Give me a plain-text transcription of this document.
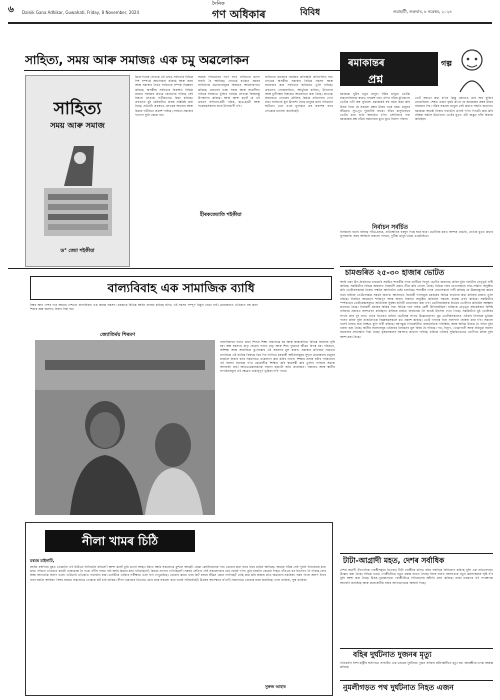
৬ Dainik Gana Adhikar, Guwahati, Friday, 8 November, 2024
দৈনিক
গণ অধিকাৰ	বিবিধ	গুৱাহাটী, শুক্ৰবাৰ, ৮ নৱেম্বৰ, ২০২৪
সাহিত্য, সময় আৰু সমাজঃ এক চমু অৱলোকন
সাহিত্য
সময় আৰু সমাজ
ড° জ্যো শইকীয়া
কিতাপখনৰ লেখকে এই গ্ৰন্থত সাহিত্যৰ বিভিন্ন দিশ সম্পৰ্কে আলোচনা কৰিছে আৰু সময় আৰু সমাজৰ সৈতে সাহিত্যৰ সম্পৰ্ক বিশ্লেষণ কৰিছে। অসমীয়া সাহিত্যৰ বিকাশত বিভিন্ন সময়ত সমাজৰ প্ৰভাৱ কেনেদৰে পৰিছে সেই বিষয়ে লেখকে গভীৰভাৱে চিন্তা কৰিছে। গ্ৰন্থখনত মুঠ কেইবাটাও প্ৰবন্ধ সন্নিৱিষ্ট কৰা হৈছে। প্ৰতিটো প্ৰবন্ধতে লেখকৰ অধ্যয়ন আৰু চিন্তাৰ গভীৰতা প্ৰকাশ পাইছে। সাহিত্য সমাজৰ দাপোণ বুলি কোৱা হয়।
সময়ৰ পৰিৱৰ্তনৰ লগে লগে সাহিত্যৰ ৰূপো সলনি হৈ আহিছে। লেখকে বৰ্তমান সময়ৰ সাহিত্যিক প্ৰৱণতাসমূহৰ বিষয়েও আলোকপাত কৰিছে। গ্ৰন্থখনৰ ভাষা সহজ আৰু সাৱলীল। পাঠকে সহজতে বুজিব পৰাকৈ লেখকে বিষয়বস্তু উপস্থাপন কৰিছে। আমি আশা কৰোঁ যে এই গ্ৰন্থখন সাহিত্যপ্ৰেমী পাঠক, ছাত্ৰ-ছাত্ৰী আৰু গৱেষকসকলৰ বাবে উপযোগী হ'ব।
হীৰকজ্যোতি শইকীয়া
সাহিত্যৰ মাজেৰে সমাজৰ প্ৰতিচ্ছবি প্ৰতিফলিত হয়। লেখকে অসমীয়া সমাজৰ বিভিন্ন সমস্যা আৰু সমাধানৰ কথা সাহিত্যৰ জৰিয়তে তুলি ধৰিছে। গ্ৰন্থখনত লোকসাহিত্য, আধুনিক কবিতা, উপন্যাস আৰু চুটিগল্পৰ বিষয়েও আলোচনা কৰা হৈছে। প্ৰত্যেক অধ্যায়তে লেখকৰ মৌলিক চিন্তাৰ প্ৰতিফলন দেখা যায়। সাহিত্যৰ মূল উদ্দেশ্য হৈছে মানুহৰ মনৰ পৰিৱৰ্তন ঘটোৱা। এনে এখন মূল্যৱান গ্ৰন্থ প্ৰকাশৰ বাবে লেখকক ধন্যবাদ জনাইছোঁ।
ৰমাকান্তৰ
প্ৰশ্ন
গল্প
ৰমাকান্ত খুউব চতুৰ মানুহ। গাঁৱৰ মানুহে তেওঁক সকলোবিলাক কথাত পৰামৰ্শ লয়। এদিন গাঁৱৰ মুখিয়ালে তেওঁক এটা প্ৰশ্ন সুধিলে। ৰমাকান্তই বহু সময় চিন্তা কৰি উত্তৰ দিলে যে সকলো প্ৰশ্নৰ উত্তৰ একে নহয়। মানুহৰ জীৱনত সুখ-দুখ দুয়োটাই থাকে। গাঁৱৰ মানুহবোৰে তেওঁৰ কথা শুনি আচৰিত হ'ল। সেইদিনাৰ পৰা ৰমাকান্তৰ প্ৰশ্ন গাঁৱৰ সকলোৰে মুখে মুখে বিয়পি পৰিল।
তেওঁ বহুতো কথা ক'লে কিন্তু কোনেও তাৰ অৰ্থ বুজিব নোৱাৰিলে। শেষত এজন বৃদ্ধই ক'লে যে ৰমাকান্তৰ প্ৰশ্নৰ উত্তৰ সময়েহে দিব। গাঁৱৰ সকলো মানুহে সেই কথাত সন্মতি জনালে। ৰমাকান্ত আকৌ নিজৰ পথাৰলৈ ওলাই গ'ল। দিনটো কাম কৰি সন্ধিয়া ঘৰলৈ উভতিল। তেওঁৰ মুখত এটা অদ্ভুত হাঁহি বিৰাজ কৰিছিল।
নিৰ্বাচন সৰ্বৰ্চিত
নিৰ্বাচনৰ বতাহ বলিছে গাঁৱে-চহৰে, প্ৰতিশ্ৰুতিৰ বৰষুণ দিছে ঘৰে ঘৰে। ভোটাৰৰ মনত আশাৰ ৰেঙনি, নেতাৰ মুখত কথাৰ ফুলজাৰি। সময় আহিলে সকলো পাহৰে, দুখীয়া মানুহ থাকে একেঠাইতে।
বাল্যবিবাহ এক সামাজিক ব্যাধি
বিশ্বৰ আন দেশৰ দৰে আমাৰ দেশতো বাল্যবিবাহ এক জ্বলন্ত সমস্যা। চৰকাৰে বিভিন্ন আইন প্ৰণয়ন কৰিছে যদিও এই সমস্যা সম্পূৰ্ণ নিৰ্মূল হোৱা নাই। গ্ৰামাঞ্চলত এতিয়াও বহু কন্যা শিশুৰ অল্প বয়সতে বিবাহ দিয়া হয়।
জ্যোতিৰ্ময় শিৰমণ
বাল্যবিবাহৰ ফলত কন্যা শিশুৰ শিক্ষা বাধাপ্ৰাপ্ত হয় আৰু স্বাস্থ্যজনিত বিভিন্ন সমস্যাৰ সৃষ্টি হয়। অল্প বয়সতে মাতৃ হোৱাৰ ফলত মাতৃ আৰু শিশু দুয়োৰে জীৱন বিপন্ন হয়। দৰিদ্ৰতা, অশিক্ষা আৰু সামাজিক কু-সংস্কাৰ এই সমস্যাৰ মূল কাৰণ। সমাজৰ প্ৰতিজন সচেতন নাগৰিকে এই ব্যাধিৰ বিৰুদ্ধে থিয় দিব লাগিব। চৰকাৰী আঁচনিসমূহৰ সুফল গ্ৰামাঞ্চলৰ মানুহৰ মাজলৈ নিয়াৰ বাবে সকলোৱে একেলগে কাম কৰিব লাগে। শিক্ষাৰ প্ৰসাৰ ঘটাব পাৰিলেহে এই সমস্যা সমাধান হ'ব। ছোৱালীক শিক্ষিত কৰি স্বাৱলম্বী কৰি তুলিব পাৰিলে সমাজ আগবাঢ়ি যাব। অভিভাৱকসকলক সজাগ কৰাটো অতি প্ৰয়োজন। পঞ্চায়ত আৰু স্থানীয় সংগঠনসমূহে এই ক্ষেত্ৰত গুৰুত্বপূৰ্ণ ভূমিকা ল'ব পাৰে।
চামগুৰিত ২৫-৩০ হাজাৰ ভোটত
আহি থকা উপ-নিৰ্বাচনত চামগুৰি সমষ্টিত শাসকীয় দলৰ প্ৰাৰ্থীয়ে বিপুল ভোটত জয়লাভ কৰিব বুলি দলটোৰ নেতৃত্বই দাবী কৰিছে। সমষ্টিটোৰ বিভিন্ন অঞ্চলত নিৰ্বাচনী প্ৰচাৰ তীব্ৰ কৰি তোলা হৈছে। বিভিন্ন দলৰ নেতাসকলে সভা-সমিতি অনুষ্ঠিত কৰি ভোটাৰসকলক নিজৰ পক্ষলৈ আনিবলৈ চেষ্টা চলাইছে। শাসকীয় দলৰ নেতাসকলে দাবী কৰিছে যে উন্নয়নমূলক কামৰ বাবে ৰাইজে তেওঁলোকক সমৰ্থন জনাব। আনহাতে বিৰোধী দলসমূহে চৰকাৰৰ বিভিন্ন ব্যৰ্থতাৰ কথা ৰাইজৰ মাজত তুলি ধৰিছে। নিৰ্বাচন আয়োগে শান্তিপূৰ্ণ আৰু অবাধ নিৰ্বাচন অনুষ্ঠিত কৰিবলৈ সকলো ব্যৱস্থা গ্ৰহণ কৰিছে। সমষ্টিটোৰ স্পৰ্শকাতৰ ভোটকেন্দ্ৰসমূহত অতিৰিক্ত সুৰক্ষা বাহিনী মোতায়েন কৰা হ'ব। ভোটাৰসকলক নিৰ্ভয়ে ভোটদান কৰিবলৈ আহ্বান জনোৱা হৈছে। নিৰ্বাচনী প্ৰচাৰৰ অন্তিম দিনা বিভিন্ন দলে বাইক ৰেলী উলিয়াইছিল। ৰাজ্যিক নেতৃত্বৰ বহুকেইজন বিশিষ্ট ব্যক্তিয়ে প্ৰচাৰত অংশগ্ৰহণ কৰিছিল। ৰাইজৰ মাজত নিৰ্বাচনক লৈ যথেষ্ট উৎসাহ দেখা গৈছে। সমষ্টিটোত মুঠ ভোটাৰৰ সংখ্যা প্ৰায় দুই লাখ। তাৰে ভিতৰত মহিলা ভোটাৰৰ সংখ্যা উল্লেখযোগ্য। যুৱ ভোটাৰসকলেও এইবাৰ নিৰ্ণায়ক ভূমিকা পালন কৰিব বুলি ৰাজনৈতিক বিশ্লেষকসকলে মত প্ৰকাশ কৰিছে। ভোট গণনাৰ দিনা ফলাফল ঘোষণা কৰা হ'ব। সকলো দলেই নিজৰ জয় নিশ্চিত বুলি দাবী কৰিছে। আগন্তুক দিনকেইটাত ৰাজনৈতিক পৰিস্থিতি আৰু অধিক উত্তপ্ত হৈ পৰিব বুলি ধাৰণা কৰা হৈছে। স্থানীয় সমস্যাসমূহ এইবাৰৰ নিৰ্বাচনৰ মূল বিষয় হৈ পৰিছে। পথ, বিদ্যুৎ, খোৱাপানী আৰু নিবনুৱা সমস্যা সমাধানৰ প্ৰতিশ্ৰুতি দিয়া হৈছে। কৃষকসকলৰ সমস্যাও প্ৰাধান্য পাইছে। ৰাইজে এইবাৰ সুচিন্তিতভাৱে ভোটদান কৰিব বুলি আশা কৰা হৈছে।
নীলা খামৰ চিঠি
মৰমৰ মাইনাটি,
আজি বহুদিনৰ মূৰত তোমালৈ এই চিঠিখন লিখিবলৈ বহিলোঁ। আশা কৰোঁ তুমি ভালে আছা। ইয়াত আমি সকলোৱে কুশলে আছোঁ। যোৱা কেইদিনমানৰ পৰা তোমাৰ কথা বাৰে বাৰে মনলৈ আহিছে। আমাৰ গাঁৱৰ সেই পুৰণি দিনবোৰৰ কথা মনত পৰিলে এতিয়াও মনটো ভাৰাক্ৰান্ত হৈ পৰে। নদীৰ পাৰত বহি আমি কিমান কথা পাতিছিলোঁ, কিমান সপোন দেখিছিলোঁ। সময়ৰ সোঁতত সেই সকলোবোৰ যেন হেৰাই গ'ল। তুমি চহৰলৈ যোৱাৰ পিছত গাঁওখন বৰ নিঃসংগ হৈ পৰিছে। মাৰ স্বাস্থ্য আগতকৈ অলপ ভাল। দেউতাই এতিয়াও পথাৰলৈ যায়। ভাইটিয়ে এইবাৰ পৰীক্ষাত ভাল ফল দেখুৱাইছে। তোমাৰ কামৰ খবৰ কি? চহৰৰ জীৱন কেনে লাগিছে? বেছি কাম কৰি স্বাস্থ্যৰ প্ৰতি অৱহেলা নকৰিবা। সময় পালে অলপ দিনৰ বাবে ঘৰলৈ আহিবা। বিহুৰ সময়ত সকলোৱে তোমাক বাট চাই থাকিম। নীলা খামখনৰ ভিতৰত মোৰ মনৰ সকলো কথা ভৰাই পঠিয়াইছোঁ। উত্তৰৰ অপেক্ষাত ৰ'লোঁ। সকলোৱে তোমাক মৰম জনাইছে। ভাল থাকিবা, সুস্থ থাকিবা।
সুৰুজ আহাৰ
টাটা-আগ্ৰাদী মহত, দেশৰ সৰ্বাধিক
দেশৰ অগ্ৰণী ঔদ্যোগিক গোষ্ঠীসমূহৰ ভিতৰত টাটা গোষ্ঠীয়ে চলিত বৰ্ষত সৰ্বাধিক বিনিয়োগ কৰিছে বুলি এক প্ৰতিবেদনত উল্লেখ কৰা হৈছে। বিভিন্ন খণ্ডত গোষ্ঠীটোৱে নতুন প্ৰকল্প হাতত লৈছে। ইয়াৰ ফলত বহুসংখ্যক নতুন কৰ্মসংস্থানৰ সৃষ্টি হ'ব বুলি আশা কৰা হৈছে। উত্তৰ-পূৱাঞ্চলতো গোষ্ঠীটোৱে বিনিয়োগৰ আঁচনি গ্ৰহণ কৰিছে। ৰাজ্য চৰকাৰে এই পদক্ষেপক আদৰণি জনাইছে আৰু প্ৰয়োজনীয় সহায় আগবঢ়োৱাৰ আশ্বাস দিছে।
বহিৰ দুৰ্ঘটনাত দুজনৰ মৃত্যু
গতিকালি নিশা ৰাষ্ট্ৰীয় ঘাইপথত সংঘটিত এক ভয়াৱহ দুৰ্ঘটনাত দুজন ব্যক্তিৰ ঘটনাস্থলীতে মৃত্যু হয়। আৰক্ষীয়ে তদন্ত আৰম্ভ কৰিছে।
নুমলীগড়ত পথ দুৰ্ঘটনাত নিহত এজন
